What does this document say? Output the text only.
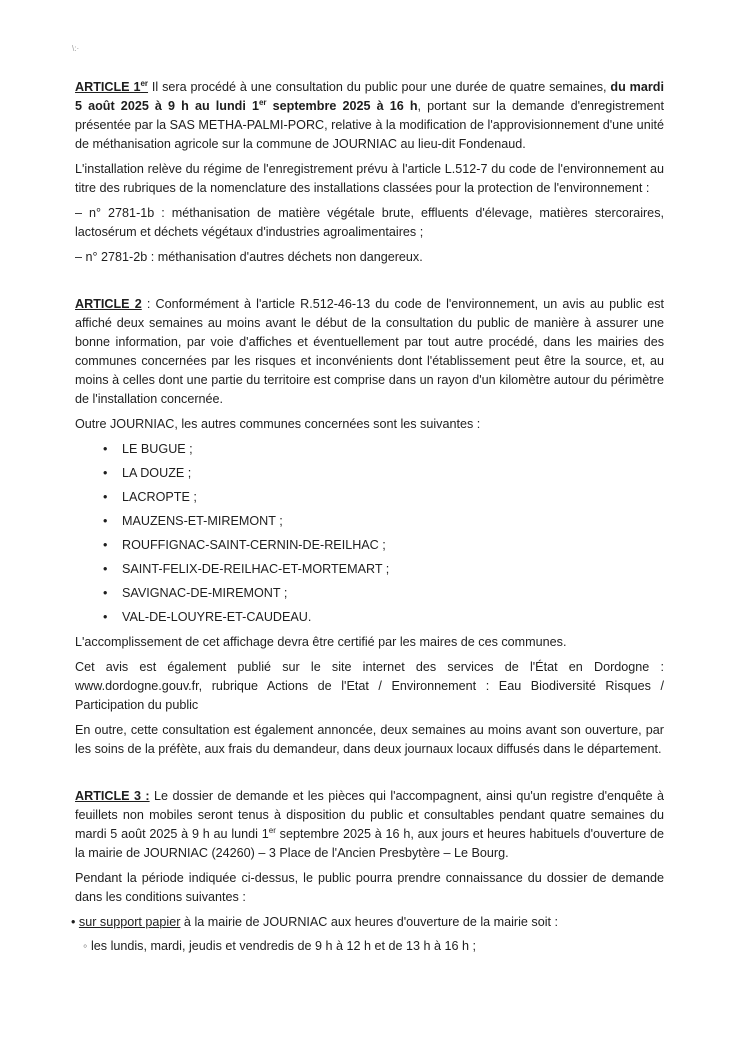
\:·

ARTICLE 1er Il sera procédé à une consultation du public pour une durée de quatre semaines, du mardi 5 août 2025 à 9 h au lundi 1er septembre 2025 à 16 h, portant sur la demande d'enregistrement présentée par la SAS METHA-PALMI-PORC, relative à la modification de l'approvisionnement d'une unité de méthanisation agricole sur la commune de JOURNIAC au lieu-dit Fondenaud.

L'installation relève du régime de l'enregistrement prévu à l'article L.512-7 du code de l'environnement au titre des rubriques de la nomenclature des installations classées pour la protection de l'environnement :

– n° 2781-1b : méthanisation de matière végétale brute, effluents d'élevage, matières stercoraires, lactosérum et déchets végétaux d'industries agroalimentaires ;

– n° 2781-2b : méthanisation d'autres déchets non dangereux.

ARTICLE 2 : Conformément à l'article R.512-46-13 du code de l'environnement, un avis au public est affiché deux semaines au moins avant le début de la consultation du public de manière à assurer une bonne information, par voie d'affiches et éventuellement par tout autre procédé, dans les mairies des communes concernées par les risques et inconvénients dont l'établissement peut être la source, et, au moins à celles dont une partie du territoire est comprise dans un rayon d'un kilomètre autour du périmètre de l'installation concernée.

Outre JOURNIAC, les autres communes concernées sont les suivantes :

• LE BUGUE ;
• LA DOUZE ;
• LACROPTE ;
• MAUZENS-ET-MIREMONT ;
• ROUFFIGNAC-SAINT-CERNIN-DE-REILHAC ;
• SAINT-FELIX-DE-REILHAC-ET-MORTEMART ;
• SAVIGNAC-DE-MIREMONT ;
• VAL-DE-LOUYRE-ET-CAUDEAU.

L'accomplissement de cet affichage devra être certifié par les maires de ces communes.

Cet avis est également publié sur le site internet des services de l'État en Dordogne : www.dordogne.gouv.fr, rubrique Actions de l'Etat / Environnement : Eau Biodiversité Risques / Participation du public

En outre, cette consultation est également annoncée, deux semaines au moins avant son ouverture, par les soins de la préfète, aux frais du demandeur, dans deux journaux locaux diffusés dans le département.

ARTICLE 3 : Le dossier de demande et les pièces qui l'accompagnent, ainsi qu'un registre d'enquête à feuillets non mobiles seront tenus à disposition du public et consultables pendant quatre semaines du mardi 5 août 2025 à 9 h au lundi 1er septembre 2025 à 16 h, aux jours et heures habituels d'ouverture de la mairie de JOURNIAC (24260) – 3 Place de l'Ancien Presbytère – Le Bourg.

Pendant la période indiquée ci-dessus, le public pourra prendre connaissance du dossier de demande dans les conditions suivantes :

• sur support papier à la mairie de JOURNIAC aux heures d'ouverture de la mairie soit :
◦ les lundis, mardi, jeudis et vendredis de 9 h à 12 h et de 13 h à 16 h ;
